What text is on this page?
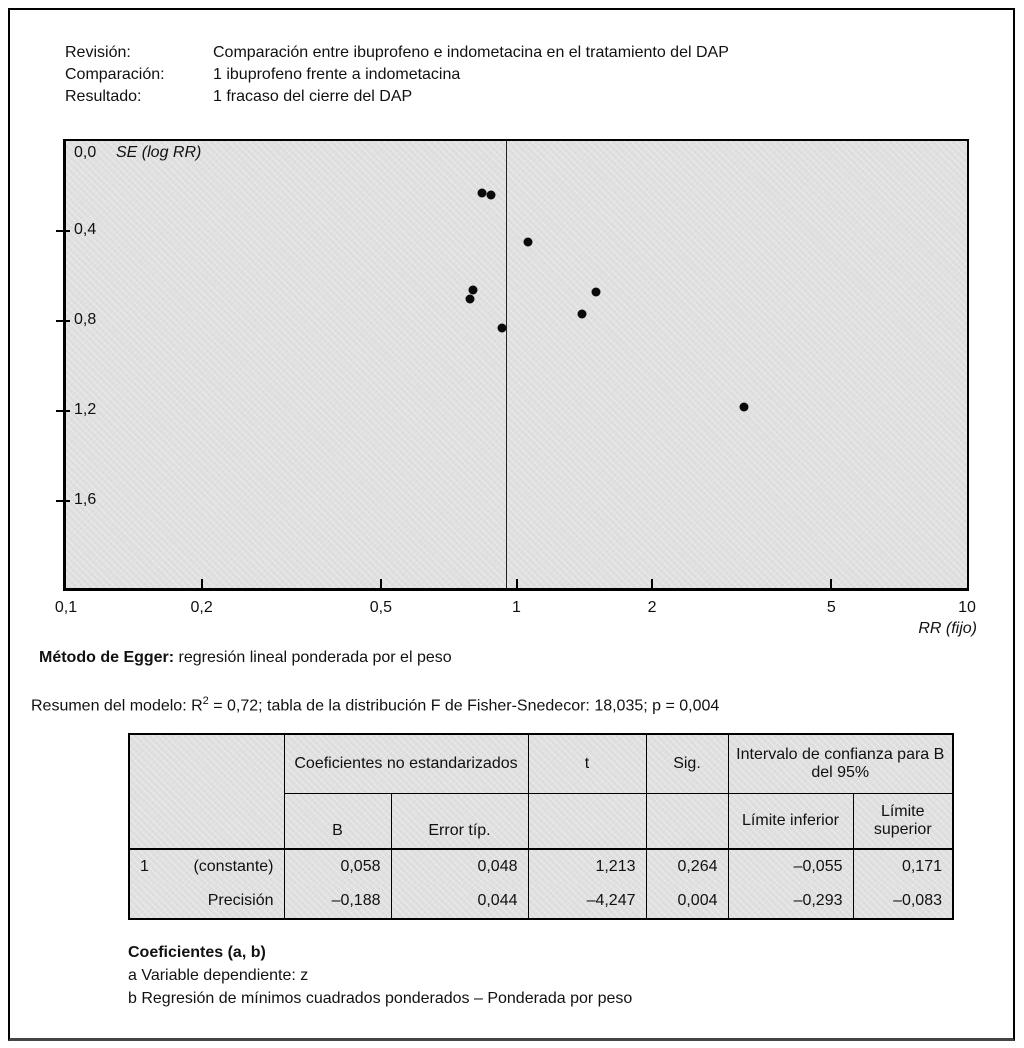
Revisión:	Comparación entre ibuprofeno e indometacina en el tratamiento del DAP
Comparación:	1 ibuprofeno frente a indometacina
Resultado:	1 fracaso del cierre del DAP
SE (log RR)
0,0
0,4
0,8
1,2
1,6
0,1	0,2	0,5	1	2	5	10
RR (fijo)
Método de Egger: regresión lineal ponderada por el peso
Resumen del modelo: $R^2 = 0,72$; tabla de la distribución F de Fisher-Snedecor: 18,035; p = 0,004
	Coeficientes no estandarizados		t	Sig.	Intervalo de confianza para B del 95%	
	B	Error típ.			Límite inferior	Límite superior

1 (constante)	0,058	0,048	1,213	0,264	–0,055	0,171

Precisión	–0,188	0,044	–4,247	0,004	–0,293	–0,083
Coeficientes (a, b)
a Variable dependiente: z
b Regresión de mínimos cuadrados ponderados – Ponderada por peso
